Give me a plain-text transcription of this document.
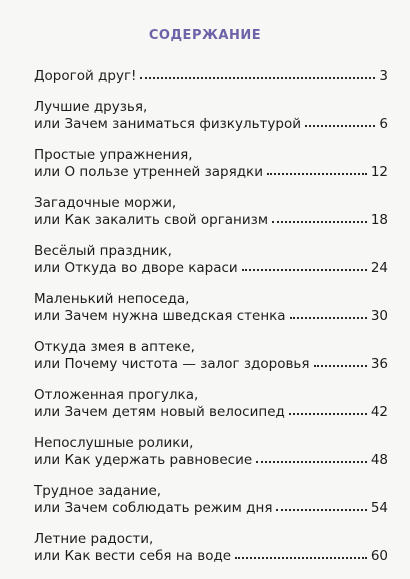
СОДЕРЖАНИЕ
Дорогой друг!	3
Лучшие друзья,
или Зачем заниматься физкультурой	6
Простые упражнения,
или О пользе утренней зарядки	12
Загадочные моржи,
или Как закалить свой организм	18
Весёлый праздник,
или Откуда во дворе караси	24
Маленький непоседа,
или Зачем нужна шведская стенка	30
Откуда змея в аптеке,
или Почему чистота — залог здоровья	36
Отложенная прогулка,
или Зачем детям новый велосипед	42
Непослушные ролики,
или Как удержать равновесие	48
Трудное задание,
или Зачем соблюдать режим дня	54
Летние радости,
или Как вести себя на воде	60
